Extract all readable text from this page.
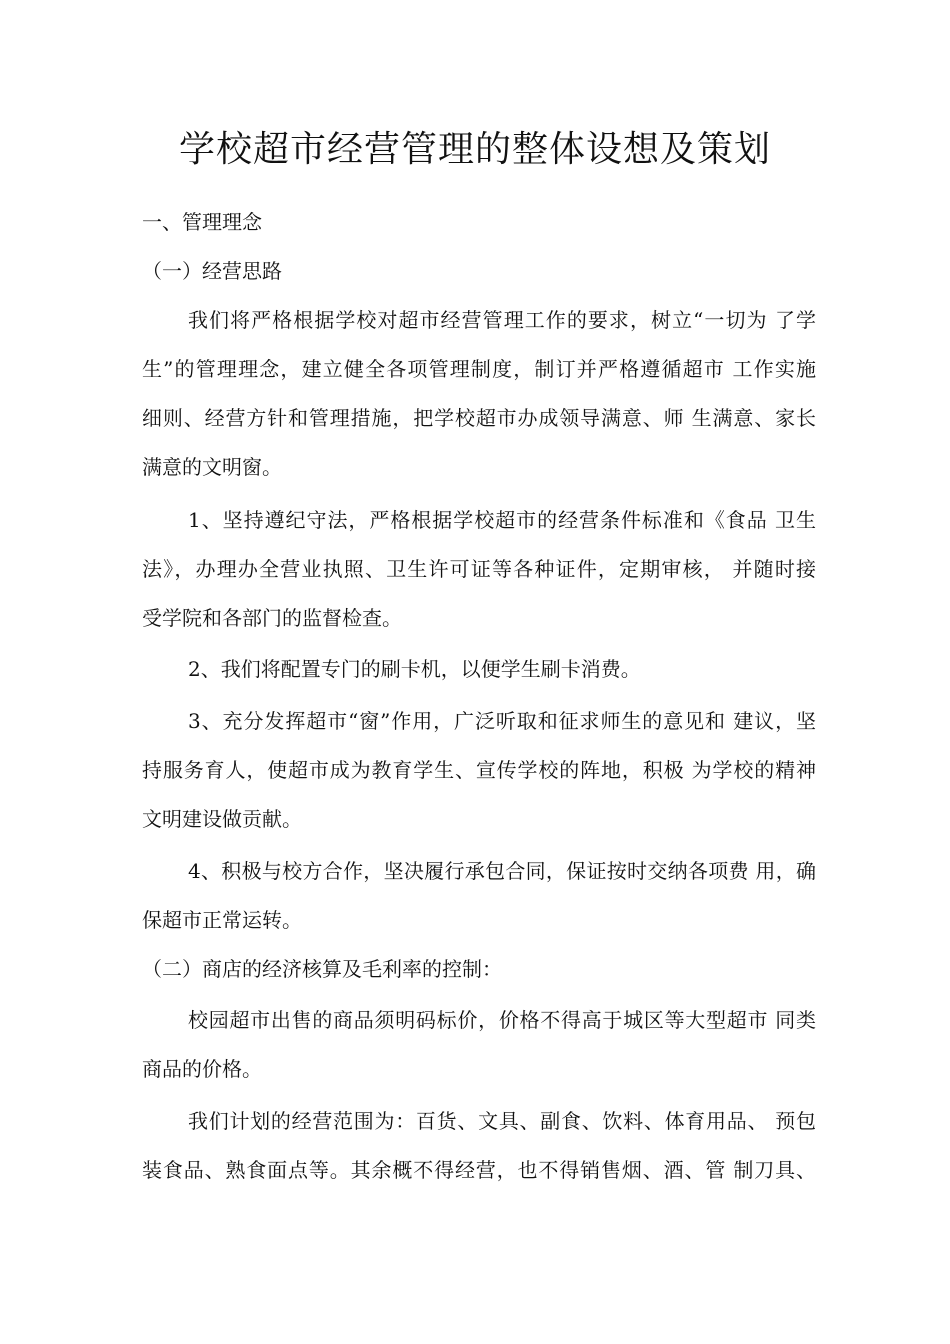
学校超市经营管理的整体设想及策划

一、管理理念

（一）经营思路

我们将严格根据学校对超市经营管理工作的要求，树立“一切为 了学

生”的管理理念，建立健全各项管理制度，制订并严格遵循超市 工作实施

细则、经营方针和管理措施，把学校超市办成领导满意、师 生满意、家长

满意的文明窗。

1、坚持遵纪守法，严格根据学校超市的经营条件标准和《食品 卫生

法》，办理办全营业执照、卫生许可证等各种证件，定期审核， 并随时接

受学院和各部门的监督检查。

2、我们将配置专门的刷卡机，以便学生刷卡消费。

3、充分发挥超市“窗”作用，广泛听取和征求师生的意见和 建议，坚

持服务育人，使超市成为教育学生、宣传学校的阵地，积极 为学校的精神

文明建设做贡献。

4、积极与校方合作，坚决履行承包合同，保证按时交纳各项费 用，确

保超市正常运转。

（二）商店的经济核算及毛利率的控制：

校园超市出售的商品须明码标价，价格不得高于城区等大型超市 同类

商品的价格。

我们计划的经营范围为：百货、文具、副食、饮料、体育用品、 预包

装食品、熟食面点等。其余概不得经营，也不得销售烟、酒、管 制刀具、
